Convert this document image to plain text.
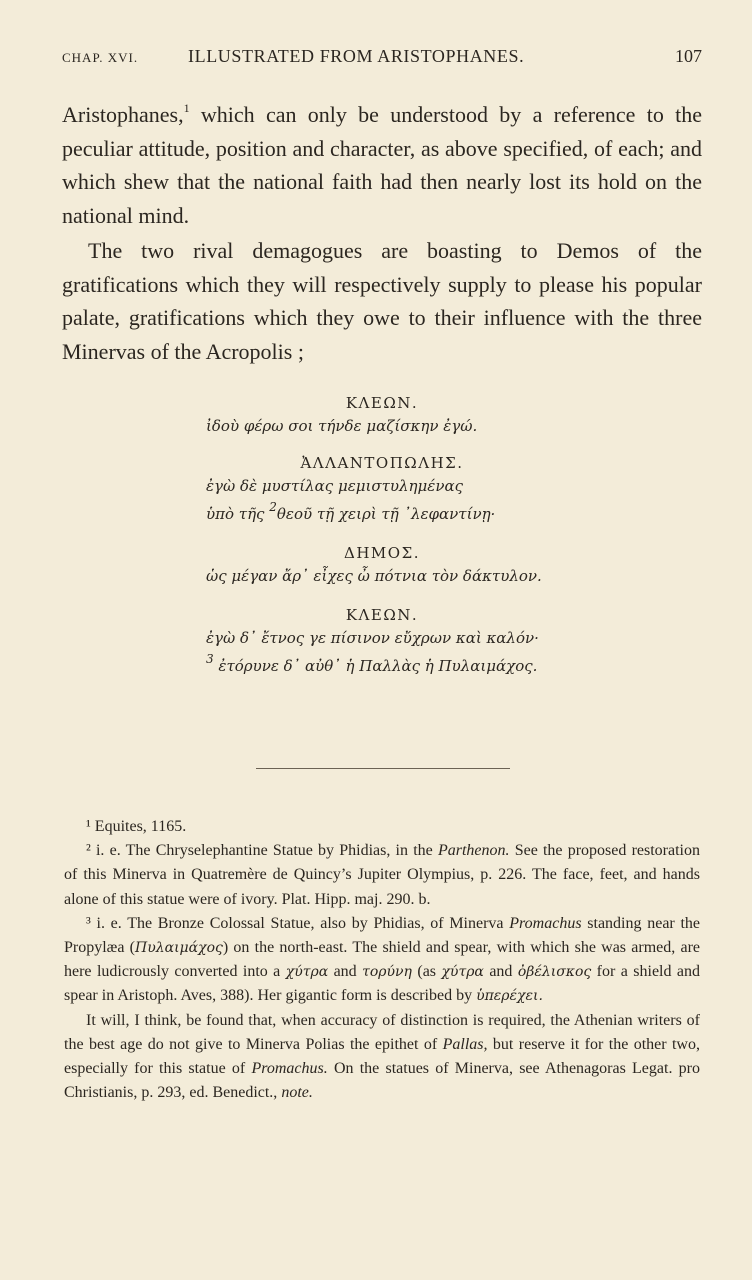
CHAP. XVI.	ILLUSTRATED FROM ARISTOPHANES.	107

Aristophanes,$^1$ which can only be understood by a reference to the peculiar attitude, position and character, as above specified, of each; and which shew that the national faith had then nearly lost its hold on the national mind.

The two rival demagogues are boasting to Demos of the gratifications which they will respectively supply to please his popular palate, gratifications which they owe to their influence with the three Minervas of the Acropolis ;

ΚΛΕΩΝ.

ἰδοὺ φέρω σοι τήνδε μαζίσκην ἐγώ.

ἈΛΛΑΝΤΟΠΩΛΗΣ.

ἐγὼ δὲ μυστίλας μεμιστυλημένας

ὑπὸ τῆς $^2$θεοῦ τῇ χειρὶ τῇ ᾽λεφαντίνῃ·

ΔΗΜΟΣ.

ὡς μέγαν ἄρ᾽ εἶχες ὦ πότνια τὸν δάκτυλον.

ΚΛΕΩΝ.

ἐγὼ δ᾽ ἔτνος γε πίσινον εὔχρων καὶ καλόν·

$^3$ ἐτόρυνε δ᾽ αὐθ᾽ ἡ Παλλὰς ἡ Πυλαιμάχος.

¹ Equites, 1165.

² i. e. The Chryselephantine Statue by Phidias, in the Parthenon. See the proposed restoration of this Minerva in Quatremère de Quincy’s Jupiter Olympius, p. 226. The face, feet, and hands alone of this statue were of ivory. Plat. Hipp. maj. 290. b.

³ i. e. The Bronze Colossal Statue, also by Phidias, of Minerva Promachus standing near the Propylæa (Πυλαιμάχος) on the north-east. The shield and spear, with which she was armed, are here ludicrously converted into a χύτρα and τορύνη (as χύτρα and ὀβέλισκος for a shield and spear in Aristoph. Aves, 388). Her gigantic form is described by ὑπερέχει.

It will, I think, be found that, when accuracy of distinction is required, the Athenian writers of the best age do not give to Minerva Polias the epithet of Pallas, but reserve it for the other two, especially for this statue of Promachus. On the statues of Minerva, see Athenagoras Legat. pro Christianis, p. 293, ed. Benedict., note.
